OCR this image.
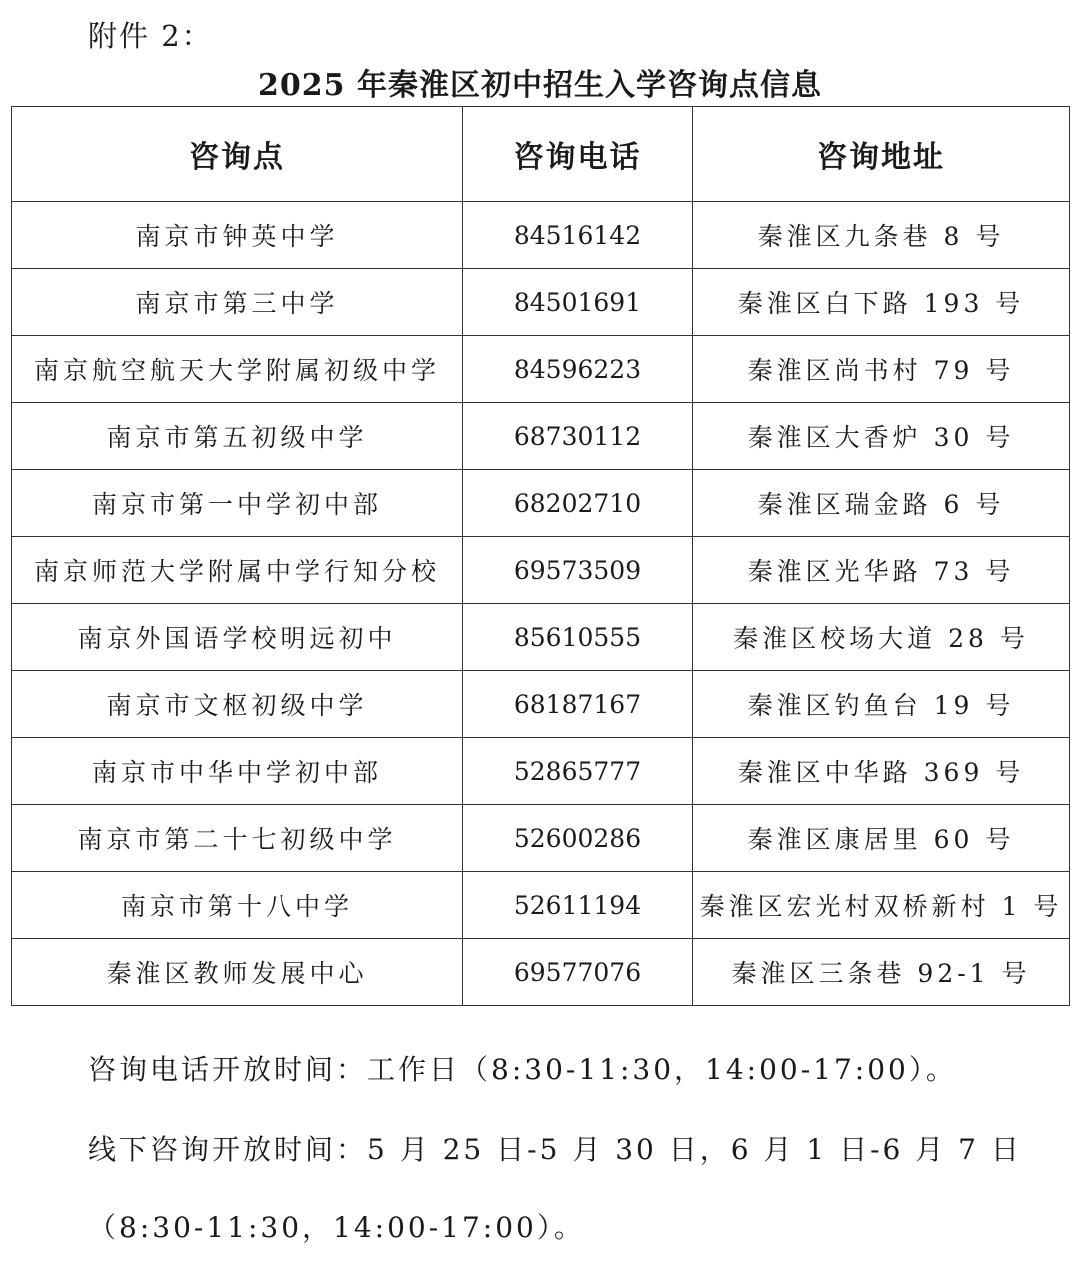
附件 2：
2025 年秦淮区初中招生入学咨询点信息
咨询点	咨询电话	咨询地址
南京市钟英中学	84516142	秦淮区九条巷 8 号
南京市第三中学	84501691	秦淮区白下路 193 号
南京航空航天大学附属初级中学	84596223	秦淮区尚书村 79 号
南京市第五初级中学	68730112	秦淮区大香炉 30 号
南京市第一中学初中部	68202710	秦淮区瑞金路 6 号
南京师范大学附属中学行知分校	69573509	秦淮区光华路 73 号
南京外国语学校明远初中	85610555	秦淮区校场大道 28 号
南京市文枢初级中学	68187167	秦淮区钓鱼台 19 号
南京市中华中学初中部	52865777	秦淮区中华路 369 号
南京市第二十七初级中学	52600286	秦淮区康居里 60 号
南京市第十八中学	52611194	秦淮区宏光村双桥新村 1 号
秦淮区教师发展中心	69577076	秦淮区三条巷 92-1 号
咨询电话开放时间：工作日（8:30-11:30，14:00-17:00）。
线下咨询开放时间：5 月 25 日-5 月 30 日，6 月 1 日-6 月 7 日
（8:30-11:30，14:00-17:00）。
